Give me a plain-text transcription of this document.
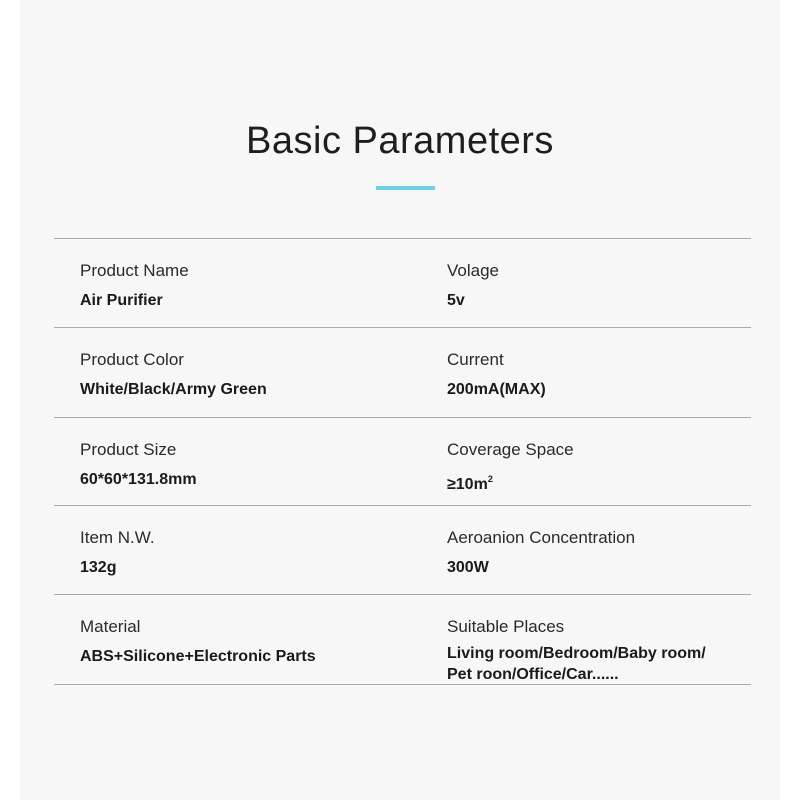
Basic Parameters
Product Name
Air Purifier
Volage
5v
Product Color
White/Black/Army Green
Current
200mA(MAX)
Product Size
60*60*131.8mm
Coverage Space
$\ge 10m^2$
Item N.W.
132g
Aeroanion Concentration
300W
Material
ABS+Silicone+Electronic Parts
Suitable Places
Living room/Bedroom/Baby room/
Pet roon/Office/Car......
